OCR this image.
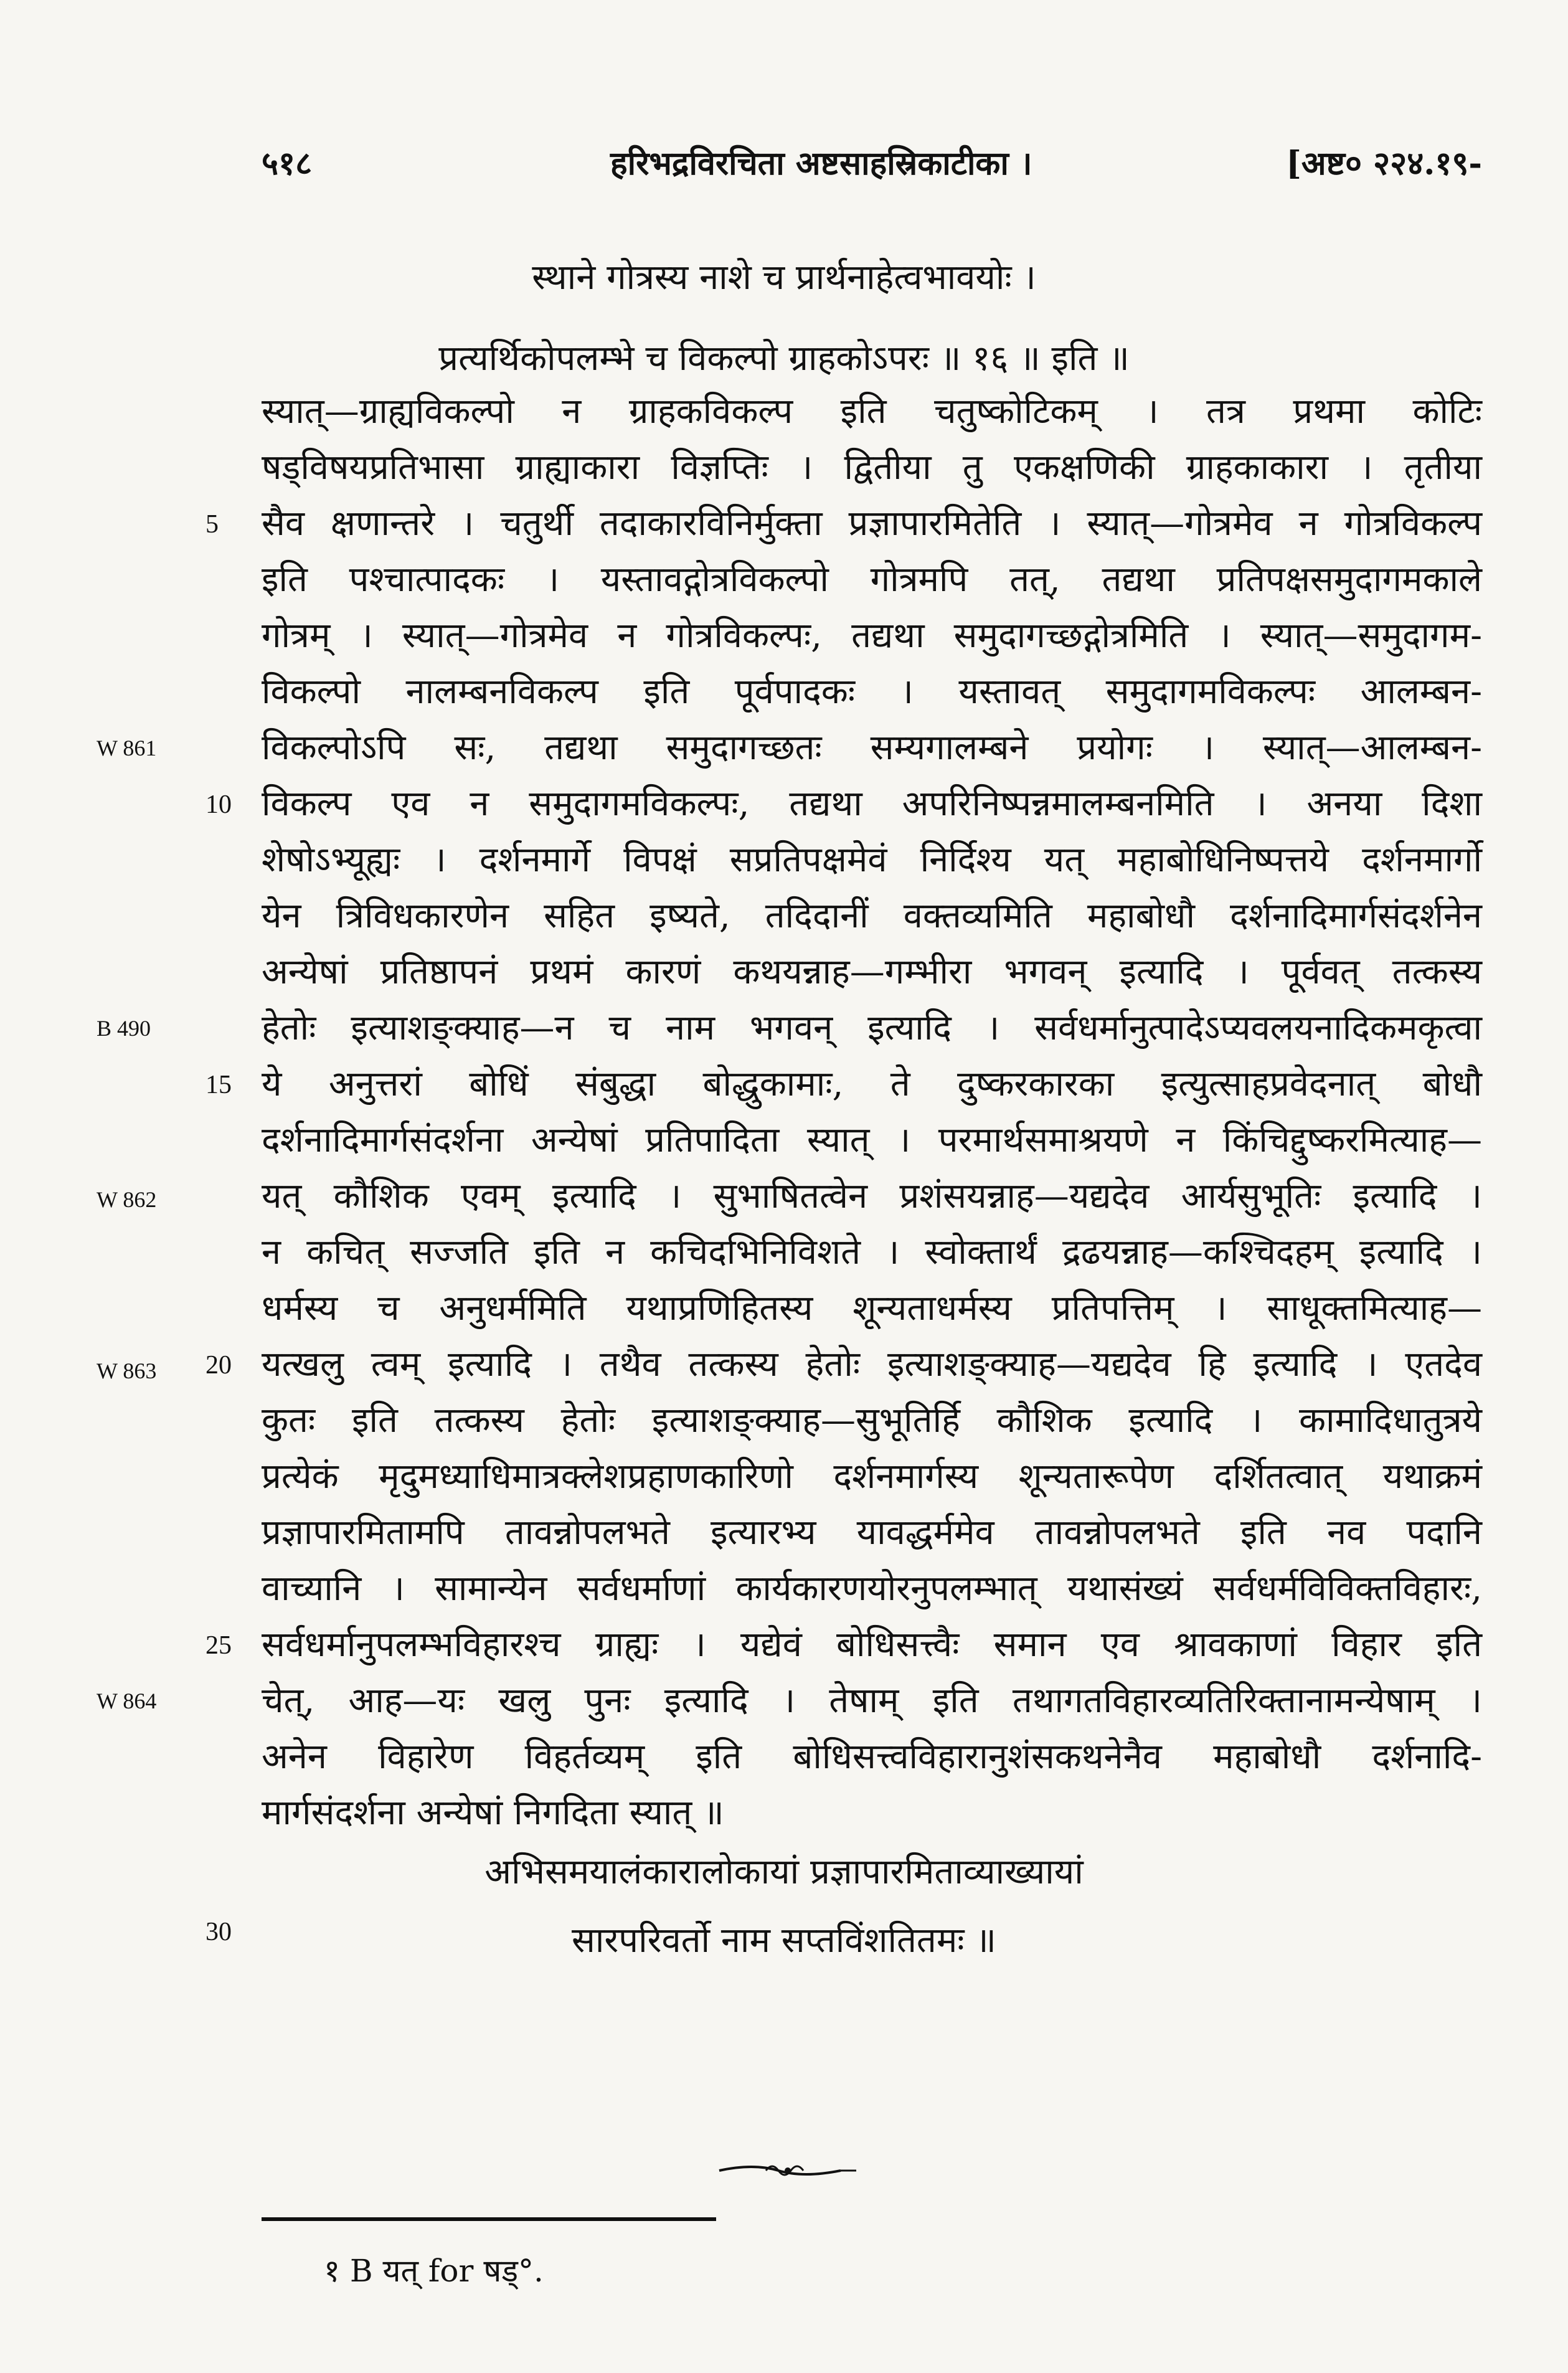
५१८	हरिभद्रविरचिता अष्टसाहस्रिकाटीका ।	[अष्ट० २२४.१९-
स्थाने गोत्रस्य नाशे च प्रार्थनाहेत्वभावयोः ।
प्रत्यर्थिकोपलम्भे च विकल्पो ग्राहकोऽपरः ॥ १६ ॥ इति ॥
स्यात्—ग्राह्यविकल्पो न ग्राहकविकल्प इति चतुष्कोटिकम् । तत्र प्रथमा कोटिः
षड्विषयप्रतिभासा ग्राह्याकारा विज्ञप्तिः । द्वितीया तु एकक्षणिकी ग्राहकाकारा । तृतीया
सैव क्षणान्तरे । चतुर्थी तदाकारविनिर्मुक्ता प्रज्ञापारमितेति । स्यात्—गोत्रमेव न गोत्रविकल्प
इति पश्चात्पादकः । यस्तावद्गोत्रविकल्पो गोत्रमपि तत्, तद्यथा प्रतिपक्षसमुदागमकाले
गोत्रम् । स्यात्—गोत्रमेव न गोत्रविकल्पः, तद्यथा समुदागच्छद्गोत्रमिति । स्यात्—समुदागम-
विकल्पो नालम्बनविकल्प इति पूर्वपादकः । यस्तावत् समुदागमविकल्पः आलम्बन-
विकल्पोऽपि सः, तद्यथा समुदागच्छतः सम्यगालम्बने प्रयोगः । स्यात्—आलम्बन-
विकल्प एव न समुदागमविकल्पः, तद्यथा अपरिनिष्पन्नमालम्बनमिति । अनया दिशा
शेषोऽभ्यूह्यः । दर्शनमार्गे विपक्षं सप्रतिपक्षमेवं निर्दिश्य यत् महाबोधिनिष्पत्तये दर्शनमार्गो
येन त्रिविधकारणेन सहित इष्यते, तदिदानीं वक्तव्यमिति महाबोधौ दर्शनादिमार्गसंदर्शनेन
अन्येषां प्रतिष्ठापनं प्रथमं कारणं कथयन्नाह—गम्भीरा भगवन् इत्यादि । पूर्ववत् तत्कस्य
हेतोः इत्याशङ्क्याह—न च नाम भगवन् इत्यादि । सर्वधर्मानुत्पादेऽप्यवलयनादिकमकृत्वा
ये अनुत्तरां बोधिं संबुद्धा बोद्धुकामाः, ते दुष्करकारका इत्युत्साहप्रवेदनात् बोधौ
दर्शनादिमार्गसंदर्शना अन्येषां प्रतिपादिता स्यात् । परमार्थसमाश्रयणे न किंचिद्दुष्करमित्याह—
यत् कौशिक एवम् इत्यादि । सुभाषितत्वेन प्रशंसयन्नाह—यद्यदेव आर्यसुभूतिः इत्यादि ।
न कचित् सज्जति इति न कचिदभिनिविशते । स्वोक्तार्थं द्रढयन्नाह—कश्चिदहम् इत्यादि ।
धर्मस्य च अनुधर्ममिति यथाप्रणिहितस्य शून्यताधर्मस्य प्रतिपत्तिम् । साधूक्तमित्याह—
यत्खलु त्वम् इत्यादि । तथैव तत्कस्य हेतोः इत्याशङ्क्याह—यद्यदेव हि इत्यादि । एतदेव
कुतः इति तत्कस्य हेतोः इत्याशङ्क्याह—सुभूतिर्हि कौशिक इत्यादि । कामादिधातुत्रये
प्रत्येकं मृदुमध्याधिमात्रक्लेशप्रहाणकारिणो दर्शनमार्गस्य शून्यतारूपेण दर्शितत्वात् यथाक्रमं
प्रज्ञापारमितामपि तावन्नोपलभते इत्यारभ्य यावद्धर्ममेव तावन्नोपलभते इति नव पदानि
वाच्यानि । सामान्येन सर्वधर्माणां कार्यकारणयोरनुपलम्भात् यथासंख्यं सर्वधर्मविविक्तविहारः,
सर्वधर्मानुपलम्भविहारश्च ग्राह्यः । यद्येवं बोधिसत्त्वैः समान एव श्रावकाणां विहार इति
चेत्, आह—यः खलु पुनः इत्यादि । तेषाम् इति तथागतविहारव्यतिरिक्तानामन्येषाम् ।
अनेन विहारेण विहर्तव्यम् इति बोधिसत्त्वविहारानुशंसकथनेनैव महाबोधौ दर्शनादि-
मार्गसंदर्शना अन्येषां निगदिता स्यात् ॥
5
10
15
20
25
30
W 861
B 490
W 862
W 863
W 864
अभिसमयालंकारालोकायां प्रज्ञापारमिताव्याख्यायां
सारपरिवर्तो नाम सप्तविंशतितमः ॥
१ B यत् for षड्°.
